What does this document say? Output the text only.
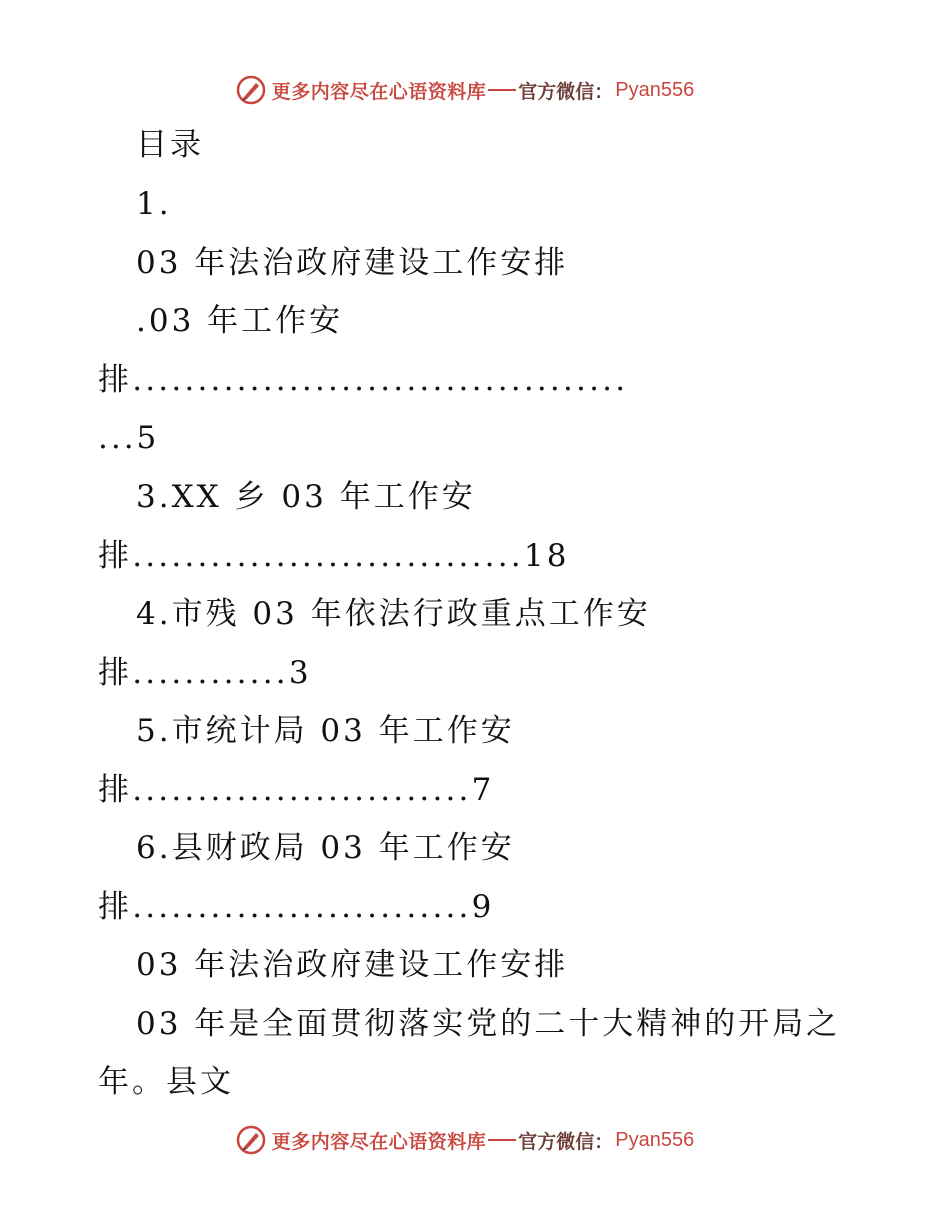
更多内容尽在心语资料库 官方微信： Pyan556
目录
1.
03 年法治政府建设工作安排
.03 年工作安
排......................................
...5
3.XX 乡 03 年工作安
排..............................18
4.市残 03 年依法行政重点工作安
排............3
5.市统计局 03 年工作安
排..........................7
6.县财政局 03 年工作安
排..........................9
03 年法治政府建设工作安排
03 年是全面贯彻落实党的二十大精神的开局之
年。县文
更多内容尽在心语资料库 官方微信： Pyan556
